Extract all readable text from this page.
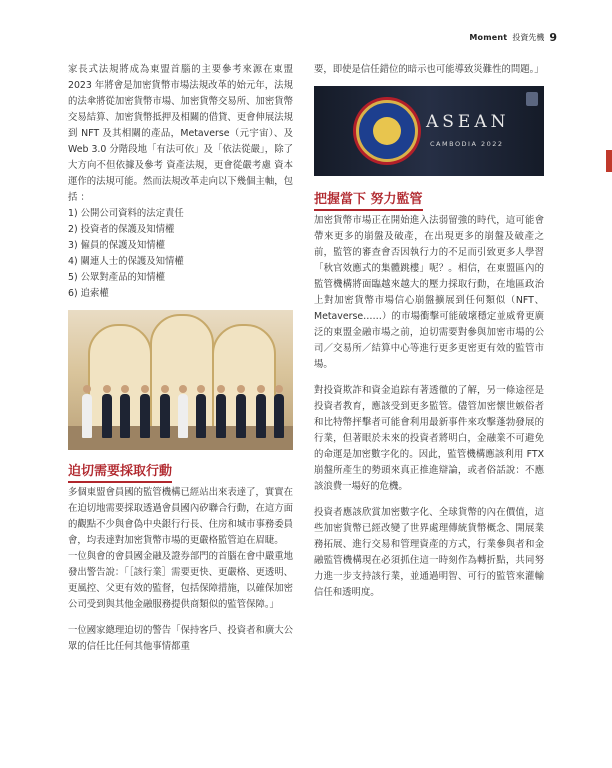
Moment 投資先機 9

家長式法規將成為東盟首腦的主要參考來源在東盟 2023 年將會是加密貨幣市場法規改革的始元年，法規的法傘將從加密貨幣市場、加密貨幣交易所、加密貨幣交易結算、加密貨幣抵押及相關的借貸、更會伸展法規到 NFT 及其相關的產品，Metaverse（元宇宙）、及 Web 3.0 分階段地「有法可依」及「依法從嚴」，除了大方向不但依據及參考 資產法規，更會從嚴考慮 資本運作的法規可能。然而法規改革走向以下幾個主軸，包括 ：

1) 公開公司資料的法定責任
2) 投資者的保護及知情權
3) 僱員的保護及知情權
4) 關連人士的保護及知情權
5) 公眾對產品的知情權
6) 追索權
迫切需要採取行動

多個東盟會員國的監管機構已經站出來表達了，實實在在迫切地需要採取透過會員國內矽聯合行動，在這方面的觀點不少與會偽中央銀行行長、住房和城市事務委員會，均表達對加密貨幣市場的更嚴格監管迫在眉睫。

一位與會的會員國金融及證券部門的首腦在會中嚴重地發出警告說：「［該行業］需要更快、更嚴格、更透明、更風控、父更有效的監督，包括保障措施，以確保加密公司受到與其他金融服務提供商類似的監管保障。」

一位國家總理迫切的警告「保持客戶、投資者和廣大公眾的信任比任何其他事情都重

要，即使是信任錯位的暗示也可能導致災難性的問題。」

ASEAN
CAMBODIA 2022
把握當下 努力監管

加密貨幣市場正在開始進入法弱留強的時代，這可能會帶來更多的崩盤及破產，在出現更多的崩盤及破產之前，監管的審查會否因執行力的不足而引致更多人學習「秋官效應式的集體跳樓」呢？。相信，在東盟區內的監管機構將面臨越來越大的壓力採取行動，在地區政治上對加密貨幣市場信心崩盤擴展到任何類似（NFT、Metaverse……）的市場衝擊可能破壞穩定並威脅更廣泛的東盟金融市場之前，迫切需要對參與加密市場的公司／交易所／結算中心等進行更多更密更有效的監管市場。

對投資欺詐和資金追踪有著透徹的了解，另一條途徑是投資者教育，應該受到更多監管。儘管加密懷世嫉俗者和比特幣抨擊者可能會利用最新事件來攻擊蓬勃發展的行業，但著眼於未來的投資者將明白，金融業不可避免的命運是加密數字化的。因此，監管機構應該利用 FTX 崩盤所產生的勢頭來真正推進辯論，或者俗話說：不應該浪費一場好的危機。

投資者應該欣賞加密數字化、全球貨幣的內在價值，這些加密貨幣已經改變了世界處理傳統貨幣概念、開展業務拓展、進行交易和管理資產的方式，行業參與者和金融監管機構現在必須抓住這一時刻作為轉折點，共同努力進一步支持該行業，並通過明智、可行的監管來灌輸信任和透明度。
